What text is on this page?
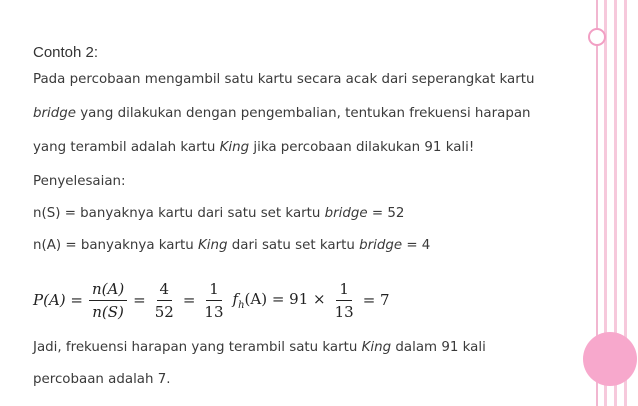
Contoh 2:
Pada percobaan mengambil satu kartu secara acak dari seperangkat kartu
bridge yang dilakukan dengan pengembalian, tentukan frekuensi harapan
yang terambil adalah kartu King jika percobaan dilakukan 91 kali!
Penyelesaian:
n(S) = banyaknya kartu dari satu set kartu bridge = 52
n(A) = banyaknya kartu King dari satu set kartu bridge = 4
$P(A) = \frac{n(A)}{n(S)} = \frac{4}{52} = \frac{1}{13} f_h(A) = 91 \times \frac{1}{13} = 7$
Jadi, frekuensi harapan yang terambil satu kartu King dalam 91 kali
percobaan adalah 7.
